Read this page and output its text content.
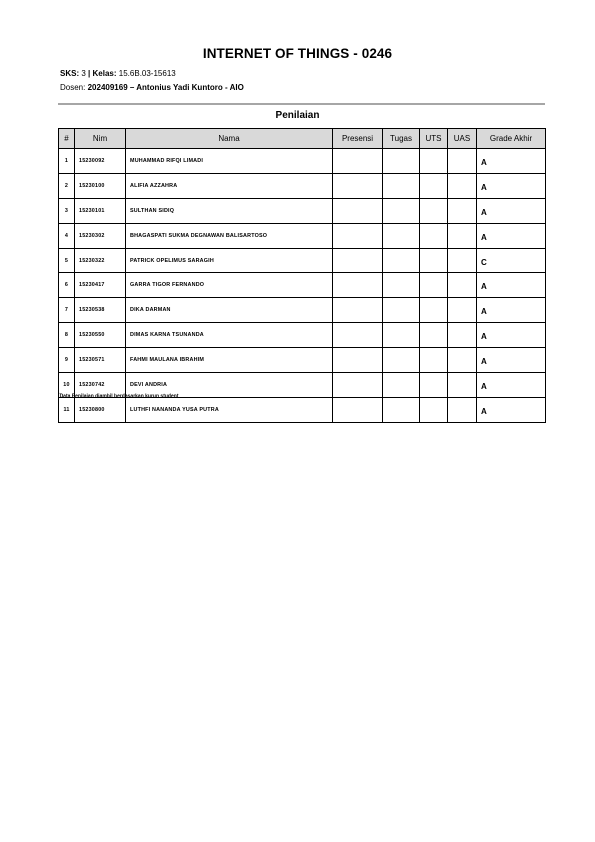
INTERNET OF THINGS - 0246
SKS: 3 | Kelas: 15.6B.03-15613
Dosen: 202409169 – Antonius Yadi Kuntoro - AIO
Penilaian
#	Nim	Nama	Presensi	Tugas	UTS	UAS	Grade Akhir
1	15230092	MUHAMMAD RIFQI LIMADI					A
2	15230100	ALIFIA AZZAHRA					A
3	15230101	SULTHAN SIDIQ					A
4	15230302	BHAGASPATI SUKMA DEGNAWAN BALISARTOSO					A
5	15230322	PATRICK OPELIMUS SARAGIH					C
6	15230417	GARRA TIGOR FERNANDO					A
7	15230538	DIKA DARMAN					A
8	15230550	DIMAS KARNA TSUNANDA					A
9	15230571	FAHMI MAULANA IBRAHIM					A
10	15230742	DEVI ANDRIA					A
11	15230800	LUTHFI NANANDA YUSA PUTRA					A
*Data Penilaian diambil berdasarkan kurun student
